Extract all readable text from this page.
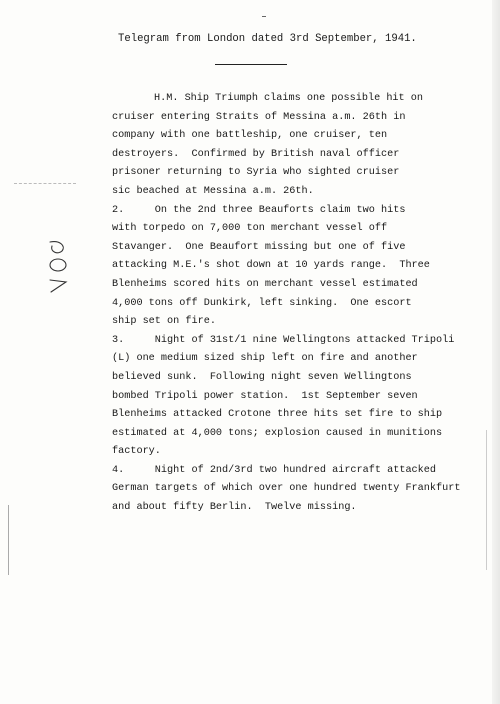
Telegram from London dated 3rd September, 1941.
H.M. Ship Triumph claims one possible hit on
cruiser entering Straits of Messina a.m. 26th in
company with one battleship, one cruiser, ten
destroyers.  Confirmed by British naval officer
prisoner returning to Syria who sighted cruiser
sic beached at Messina a.m. 26th.
2.     On the 2nd three Beauforts claim two hits
with torpedo on 7,000 ton merchant vessel off
Stavanger.  One Beaufort missing but one of five
attacking M.E.'s shot down at 10 yards range.  Three
Blenheims scored hits on merchant vessel estimated
4,000 tons off Dunkirk, left sinking.  One escort
ship set on fire.
3.     Night of 31st/1 nine Wellingtons attacked Tripoli
(L) one medium sized ship left on fire and another
believed sunk.  Following night seven Wellingtons
bombed Tripoli power station.  1st September seven
Blenheims attacked Crotone three hits set fire to ship
estimated at 4,000 tons; explosion caused in munitions
factory.
4.     Night of 2nd/3rd two hundred aircraft attacked
German targets of which over one hundred twenty Frankfurt
and about fifty Berlin.  Twelve missing.
